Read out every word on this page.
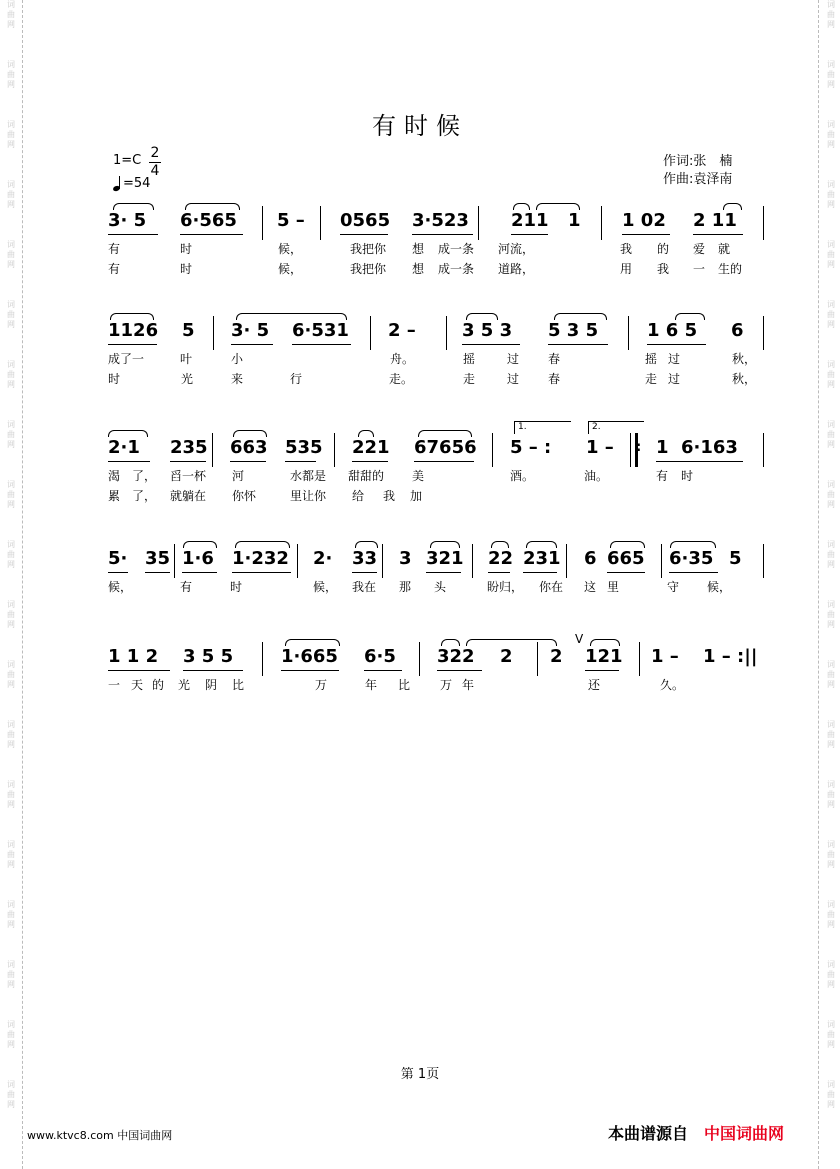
词
曲
网
词
曲
网
词
曲
网
词
曲
网
词
曲
网
词
曲
网
词
曲
网
词
曲
网
词
曲
网
词
曲
网
词
曲
网
词
曲
网
词
曲
网
词
曲
网
词
曲
网
词
曲
网
词
曲
网
词
曲
网
词
曲
网
词
曲
网
词
曲
网
词
曲
网
词
曲
网
词
曲
网
词
曲
网
词
曲
网
词
曲
网
词
曲
网
词
曲
网
词
曲
网
词
曲
网
词
曲
网
词
曲
网
词
曲
网
词
曲
网
词
曲
网
词
曲
网
词
曲
网
有时候
1=C 2
4
=54
作词:张　楠
作曲:袁泽南
3· 5 6·565 5 – 0565 3·523 211 1 1 02 2 11
有	时	候，	我把你 想 成一条 河流，	我 的 爱 就
有	时	候，	我把你 想 成一条 道路，	用 我 一 生的
1126 5 3· 5 6·531 2 –	3 5 3 5 3 5	1 6 5 6
成了一	叶	小	舟。	摇	过 春	摇 过	秋，
时	光	来	行	走。	走	过 春	走 过	秋，
2·1 235 663 535 221 67656 5 – : 1 – : 1 6·163
1.	2.
渴　了， 舀一杯 河	水都是 甜甜的 美	酒。	油。	有 时
累　了， 就躺在 你怀	里让你 给 我 加
5· 35 1·6 1·232 2· 33 3 321 22 231 6 665 6·35 5
候，	有	时	候， 我在 那 头	盼归， 你在 这 里	守 候，
1 1 2 3 5 5	1·665 6·5 322 2 2 121 1 – 1 – :||
V
一 天 的 光 阴 比	万	年 比 万 年	还	久。
第 1页
www.ktvc8.com 中国词曲网	本曲谱源自 中国词曲网
